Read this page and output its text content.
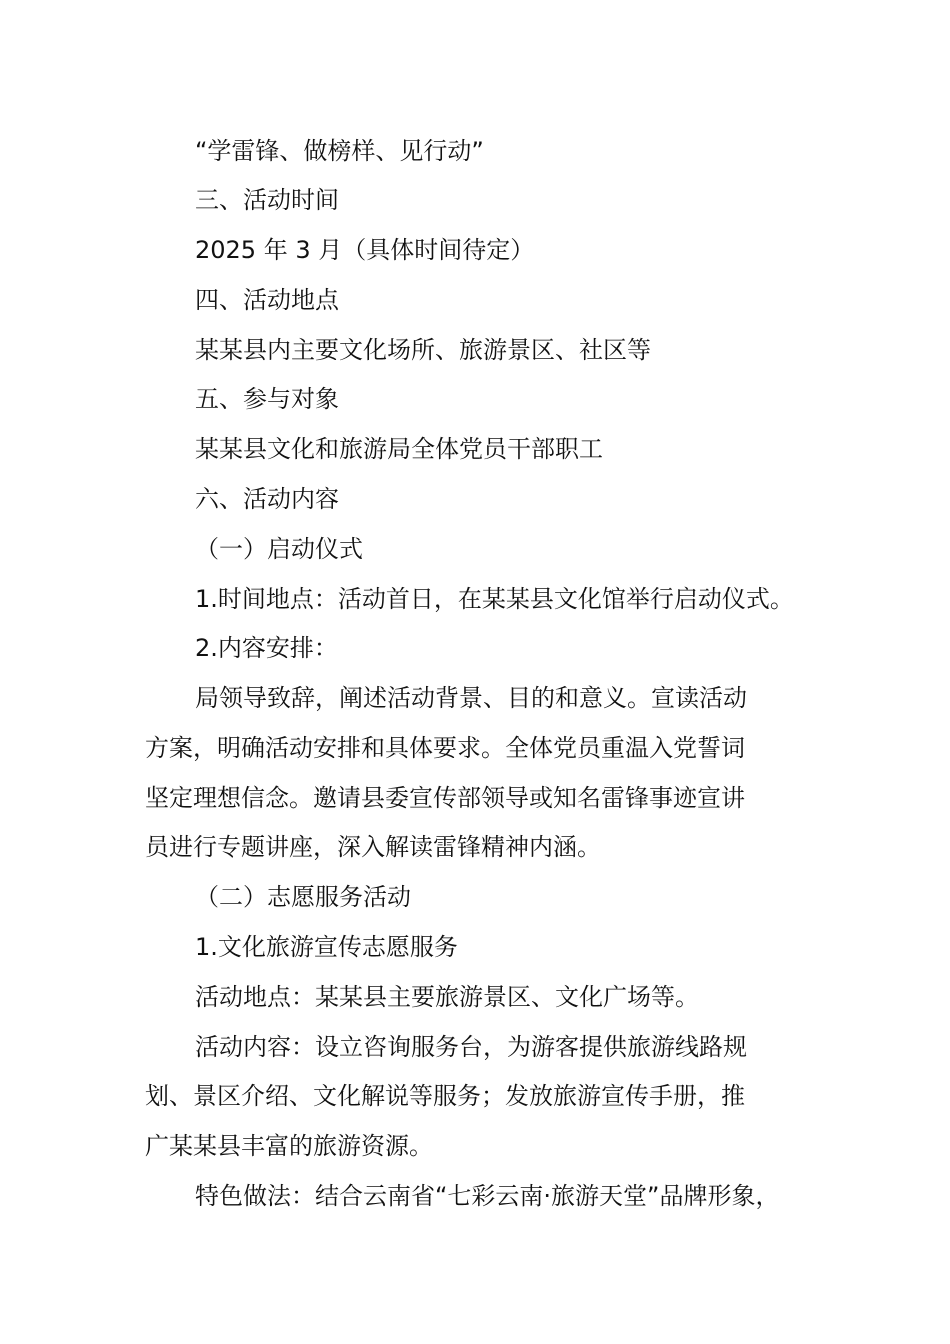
“学雷锋、做榜样、见行动”
三、活动时间
2025 年 3 月（具体时间待定）
四、活动地点
某某县内主要文化场所、旅游景区、社区等
五、参与对象
某某县文化和旅游局全体党员干部职工
六、活动内容
（一）启动仪式
1.时间地点：活动首日，在某某县文化馆举行启动仪式。
2.内容安排：
局领导致辞，阐述活动背景、目的和意义。宣读活动
方案，明确活动安排和具体要求。全体党员重温入党誓词
坚定理想信念。邀请县委宣传部领导或知名雷锋事迹宣讲
员进行专题讲座，深入解读雷锋精神内涵。
（二）志愿服务活动
1.文化旅游宣传志愿服务
活动地点：某某县主要旅游景区、文化广场等。
活动内容：设立咨询服务台，为游客提供旅游线路规
划、景区介绍、文化解说等服务；发放旅游宣传手册，推
广某某县丰富的旅游资源。
特色做法：结合云南省“七彩云南·旅游天堂”品牌形象，
